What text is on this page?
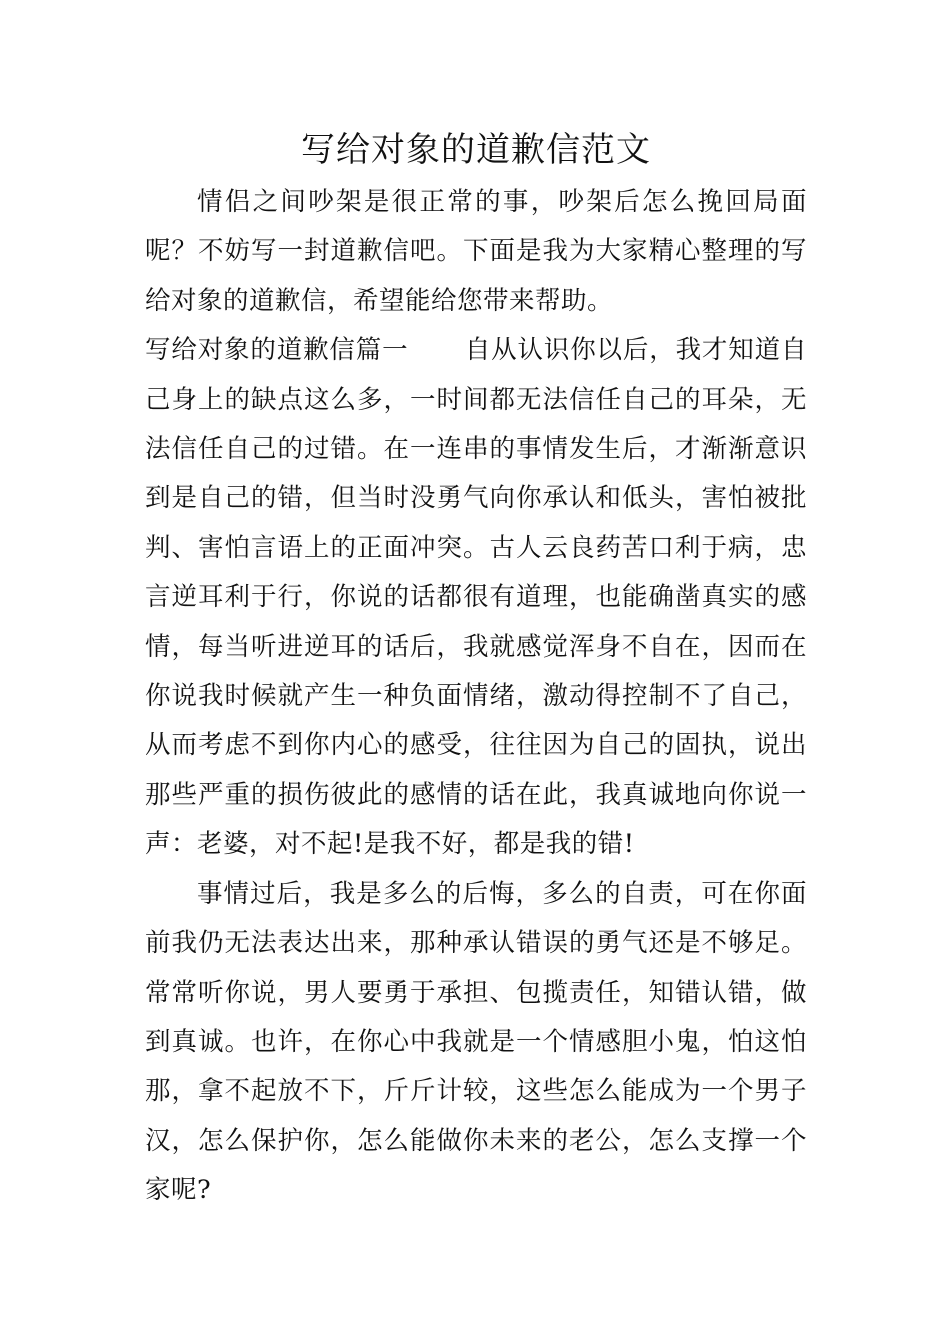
写给对象的道歉信范文

情侣之间吵架是很正常的事，吵架后怎么挽回局面呢？不妨写一封道歉信吧。下面是我为大家精心整理的写给对象的道歉信，希望能给您带来帮助。

写给对象的道歉信篇一 自从认识你以后，我才知道自己身上的缺点这么多，一时间都无法信任自己的耳朵，无法信任自己的过错。在一连串的事情发生后，才渐渐意识到是自己的错，但当时没勇气向你承认和低头，害怕被批判、害怕言语上的正面冲突。古人云良药苦口利于病，忠言逆耳利于行，你说的话都很有道理，也能确凿真实的感情，每当听进逆耳的话后，我就感觉浑身不自在，因而在你说我时候就产生一种负面情绪，激动得控制不了自己，从而考虑不到你内心的感受，往往因为自己的固执，说出那些严重的损伤彼此的感情的话在此，我真诚地向你说一声：老婆，对不起!是我不好，都是我的错!

事情过后，我是多么的后悔，多么的自责，可在你面前我仍无法表达出来，那种承认错误的勇气还是不够足。常常听你说，男人要勇于承担、包揽责任，知错认错，做到真诚。也许，在你心中我就是一个情感胆小鬼，怕这怕那，拿不起放不下，斤斤计较，这些怎么能成为一个男子汉，怎么保护你，怎么能做你未来的老公，怎么支撑一个家呢?
